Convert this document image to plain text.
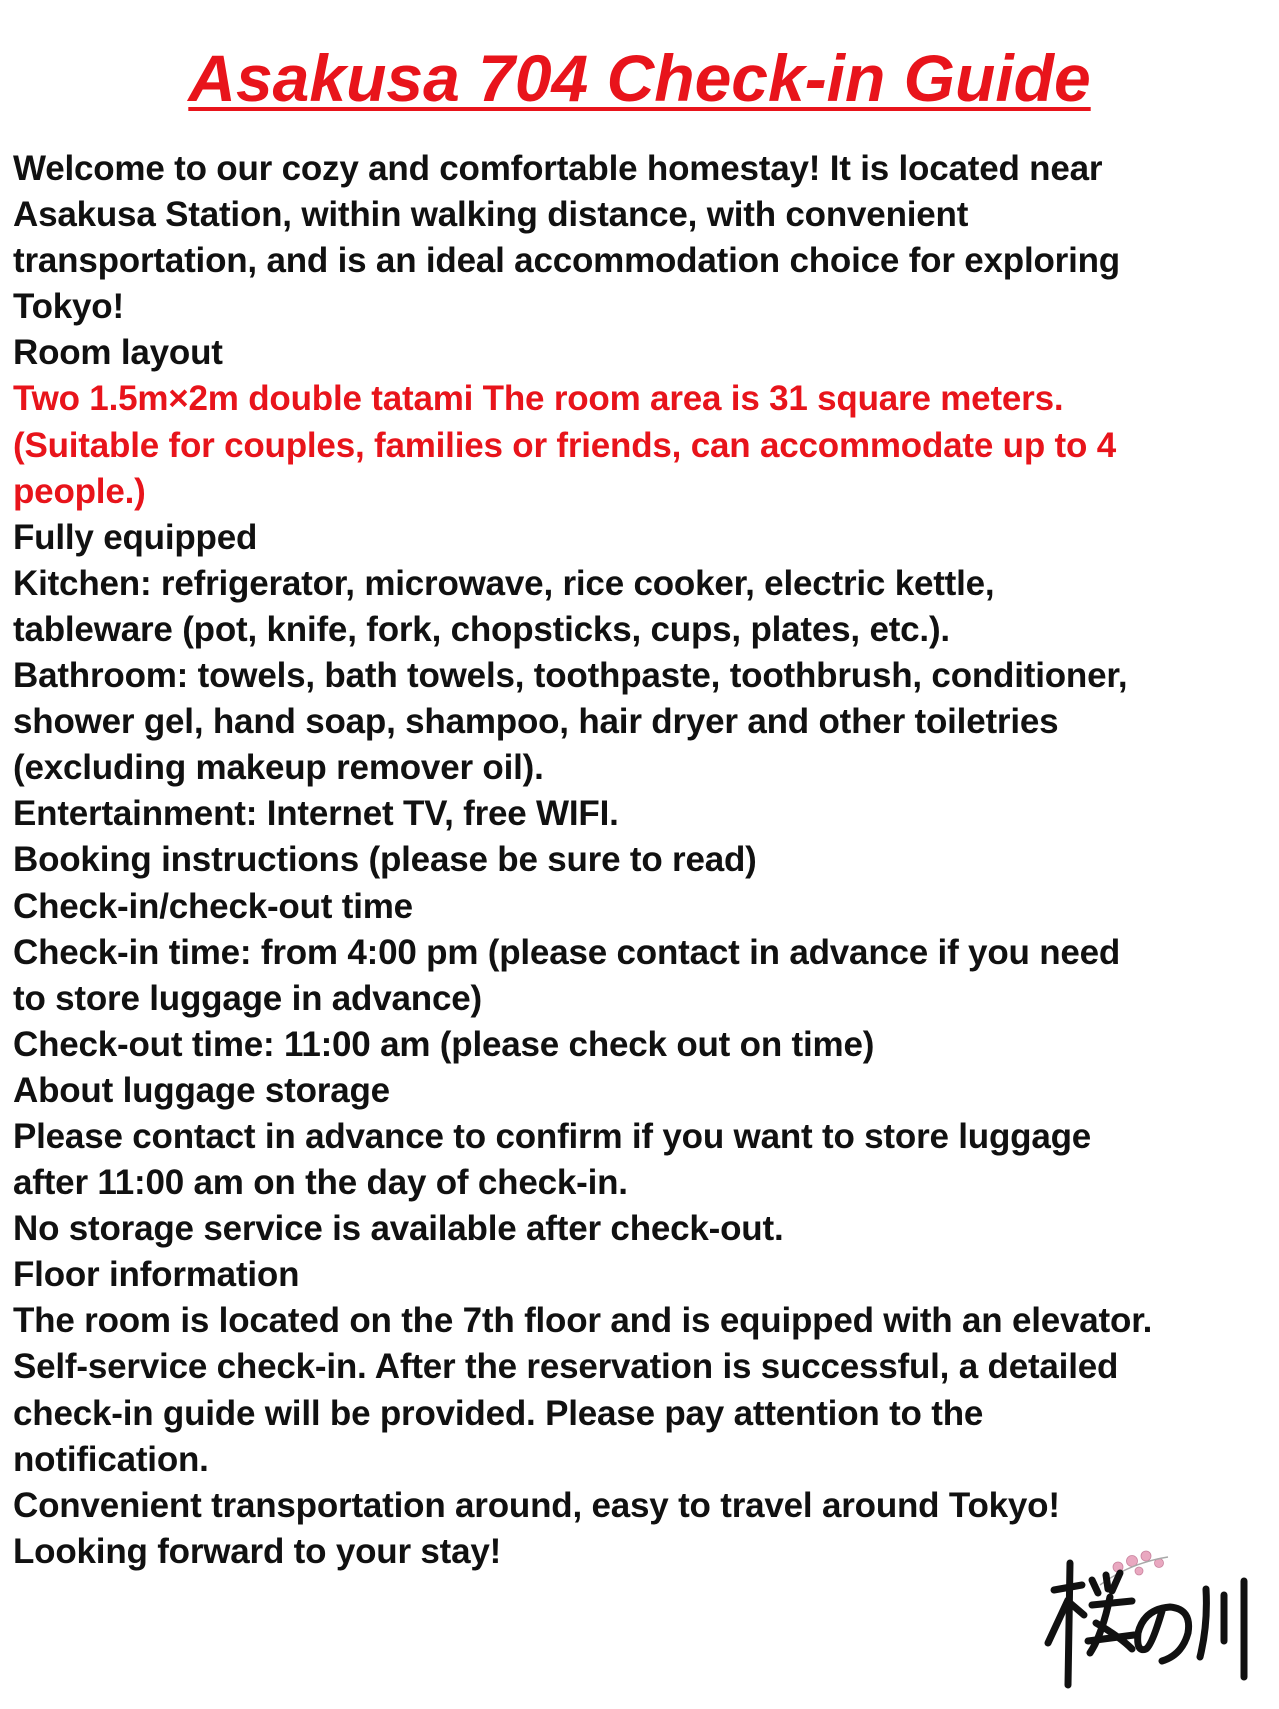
Asakusa 704 Check-in Guide
Welcome to our cozy and comfortable homestay! It is located near
Asakusa Station, within walking distance, with convenient
transportation, and is an ideal accommodation choice for exploring
Tokyo!
Room layout
Two 1.5m×2m double tatami The room area is 31 square meters.
(Suitable for couples, families or friends, can accommodate up to 4
people.)
Fully equipped
Kitchen: refrigerator, microwave, rice cooker, electric kettle,
tableware (pot, knife, fork, chopsticks, cups, plates, etc.).
Bathroom: towels, bath towels, toothpaste, toothbrush, conditioner,
shower gel, hand soap, shampoo, hair dryer and other toiletries
(excluding makeup remover oil).
Entertainment: Internet TV, free WIFI.
Booking instructions (please be sure to read)
Check-in/check-out time
Check-in time: from 4:00 pm (please contact in advance if you need
to store luggage in advance)
Check-out time: 11:00 am (please check out on time)
About luggage storage
Please contact in advance to confirm if you want to store luggage
after 11:00 am on the day of check-in.
No storage service is available after check-out.
Floor information
The room is located on the 7th floor and is equipped with an elevator.
Self-service check-in. After the reservation is successful, a detailed
check-in guide will be provided. Please pay attention to the
notification.
Convenient transportation around, easy to travel around Tokyo!
Looking forward to your stay!
